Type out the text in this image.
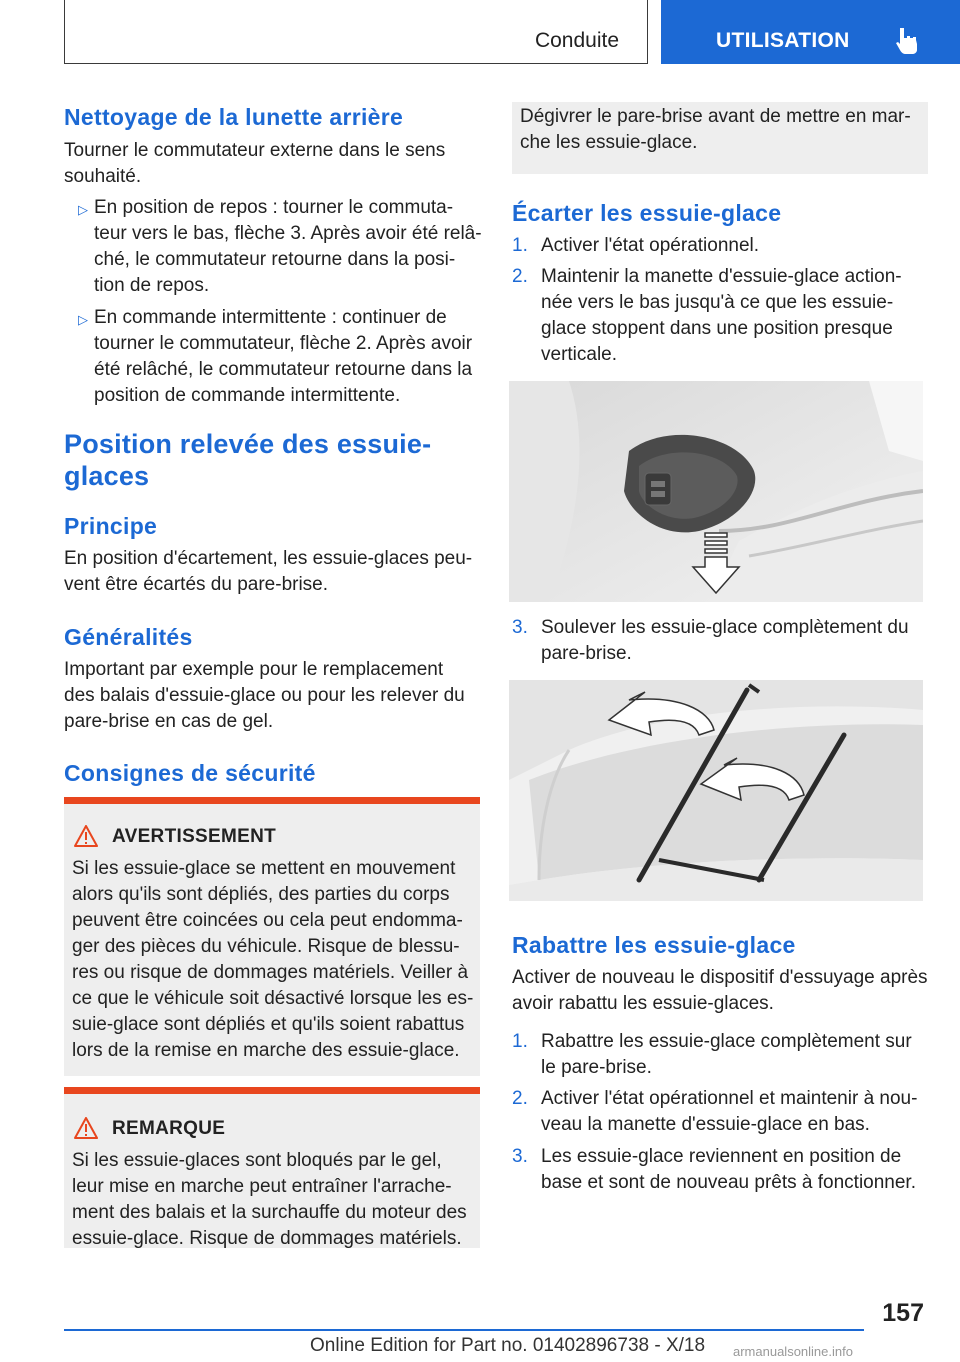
Conduite	UTILISATION
Nettoyage de la lunette arrière
Tourner le commutateur externe dans le sens
souhaité.
▷ En position de repos : tourner le commuta-
teur vers le bas, flèche 3. Après avoir été relâ-
ché, le commutateur retourne dans la posi-
tion de repos.
▷ En commande intermittente : continuer de
tourner le commutateur, flèche 2. Après avoir
été relâché, le commutateur retourne dans la
position de commande intermittente.
Position relevée des essuie-
glaces
Principe
En position d'écartement, les essuie-glaces peu-
vent être écartés du pare-brise.
Généralités
Important par exemple pour le remplacement
des balais d'essuie-glace ou pour les relever du
pare-brise en cas de gel.
Consignes de sécurité
AVERTISSEMENT
Si les essuie-glace se mettent en mouvement
alors qu'ils sont dépliés, des parties du corps
peuvent être coincées ou cela peut endomma-
ger des pièces du véhicule. Risque de blessu-
res ou risque de dommages matériels. Veiller à
ce que le véhicule soit désactivé lorsque les es-
suie-glace sont dépliés et qu'ils soient rabattus
lors de la remise en marche des essuie-glace.
REMARQUE
Si les essuie-glaces sont bloqués par le gel,
leur mise en marche peut entraîner l'arrache-
ment des balais et la surchauffe du moteur des
essuie-glace. Risque de dommages matériels.
Dégivrer le pare-brise avant de mettre en mar-
che les essuie-glace.
Écarter les essuie-glace
1. Activer l'état opérationnel.
2. Maintenir la manette d'essuie-glace action-
née vers le bas jusqu'à ce que les essuie-
glace stoppent dans une position presque
verticale.
3. Soulever les essuie-glace complètement du
pare-brise.
Rabattre les essuie-glace
Activer de nouveau le dispositif d'essuyage après
avoir rabattu les essuie-glaces.
1. Rabattre les essuie-glace complètement sur
le pare-brise.
2. Activer l'état opérationnel et maintenir à nou-
veau la manette d'essuie-glace en bas.
3. Les essuie-glace reviennent en position de
base et sont de nouveau prêts à fonctionner.
157
Online Edition for Part no. 01402896738 - X/18 armanualsonline.info
